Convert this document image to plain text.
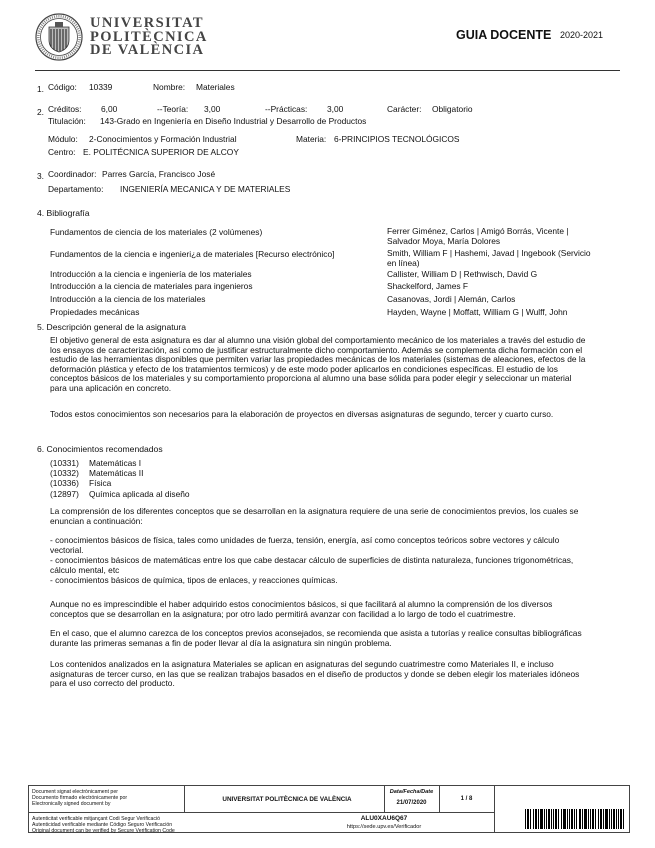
UNIVERSITAT
POLITÈCNICA
DE VALÈNCIA
GUIA DOCENTE 2020-2021
1. Código: 10339	Nombre: Materiales
2. Créditos: 6,00	--Teoría: 3,00	--Prácticas: 3,00	Carácter: Obligatorio
Titulación: 143-Grado en Ingeniería en Diseño Industrial y Desarrollo de Productos
Módulo: 2-Conocimientos y Formación Industrial	Materia: 6-PRINCIPIOS TECNOLÓGICOS
Centro: E. POLITÉCNICA SUPERIOR DE ALCOY
3. Coordinador: Parres García, Francisco José
Departamento: INGENIERÍA MECANICA Y DE MATERIALES
4. Bibliografía
Fundamentos de ciencia de los materiales (2 volúmenes)	Ferrer Giménez, Carlos | Amigó Borrás, Vicente | Salvador Moya, María Dolores
Fundamentos de la ciencia e ingenieri¿a de materiales [Recurso electrónico]	Smith, William F | Hashemi, Javad | Ingebook (Servicio en línea)
Introducción a la ciencia e ingeniería de los materiales	Callister, William D | Rethwisch, David G
Introducción a la ciencia de materiales para ingenieros	Shackelford, James F
Introducción a la ciencia de los materiales	Casanovas, Jordi | Alemán, Carlos
Propiedades mecánicas	Hayden, Wayne | Moffatt, William G | Wulff, John
5. Descripción general de la asignatura
El objetivo general de esta asignatura es dar al alumno una visión global del comportamiento mecánico de los materiales a través del estudio de los ensayos de caracterización, así como de justificar estructuralmente dicho comportamiento. Además se complementa dicha formación con el estudio de las herramientas disponibles que permiten variar las propiedades mecánicas de los materiales (sistemas de aleaciones, efectos de la deformación plástica y efecto de los tratamientos termicos) y de este modo poder aplicarlos en condiciones específicas. El estudio de los conceptos básicos de los materiales y su comportamiento proporciona al alumno una base sólida para poder elegir y seleccionar un material para una aplicación en concreto.
Todos estos conocimientos son necesarios para la elaboración de proyectos en diversas asignaturas de segundo, tercer y cuarto curso.
6. Conocimientos recomendados
(10331) Matemáticas I
(10332) Matemáticas II
(10336) Física
(12897) Química aplicada al diseño
La comprensión de los diferentes conceptos que se desarrollan en la asignatura requiere de una serie de conocimientos previos, los cuales se enuncian a continuación:
- conocimientos básicos de física, tales como unidades de fuerza, tensión, energía, así como conceptos teóricos sobre vectores y cálculo vectorial.
- conocimientos básicos de matemáticas entre los que cabe destacar cálculo de superficies de distinta naturaleza, funciones trigonométricas, cálculo mental, etc
- conocimientos básicos de química, tipos de enlaces, y reacciones químicas.
Aunque no es imprescindible el haber adquirido estos conocimientos básicos, si que facilitará al alumno la comprensión de los diversos conceptos que se desarrollan en la asignatura; por otro lado permitirá avanzar con facilidad a lo largo de todo el cuatrimestre.
En el caso, que el alumno carezca de los conceptos previos aconsejados, se recomienda que asista a tutorías y realice consultas bibliográficas durante las primeras semanas a fin de poder llevar al día la asignatura sin ningún problema.
Los contenidos analizados en la asignatura Materiales se aplican en asignaturas del segundo cuatrimestre como Materiales II, e incluso asignaturas de tercer curso, en las que se realizan trabajos basados en el diseño de productos y donde se deben elegir los materiales idóneos para el uso correcto del producto.
Document signat electrònicament per
Documento firmado electrónicamente por
Electronically signed document by
UNIVERSITAT POLITÈCNICA DE VALÈNCIA
Data/Fecha/Date
21/07/2020
1 / 8
Autenticitat verificable mitjançant Codi Segur Verificació
Autenticidad verificable mediante Código Seguro Verificación
Original document can be verified by Secure Verification Code
ALU0XAU6Q67
https://sede.upv.es/Verificador
